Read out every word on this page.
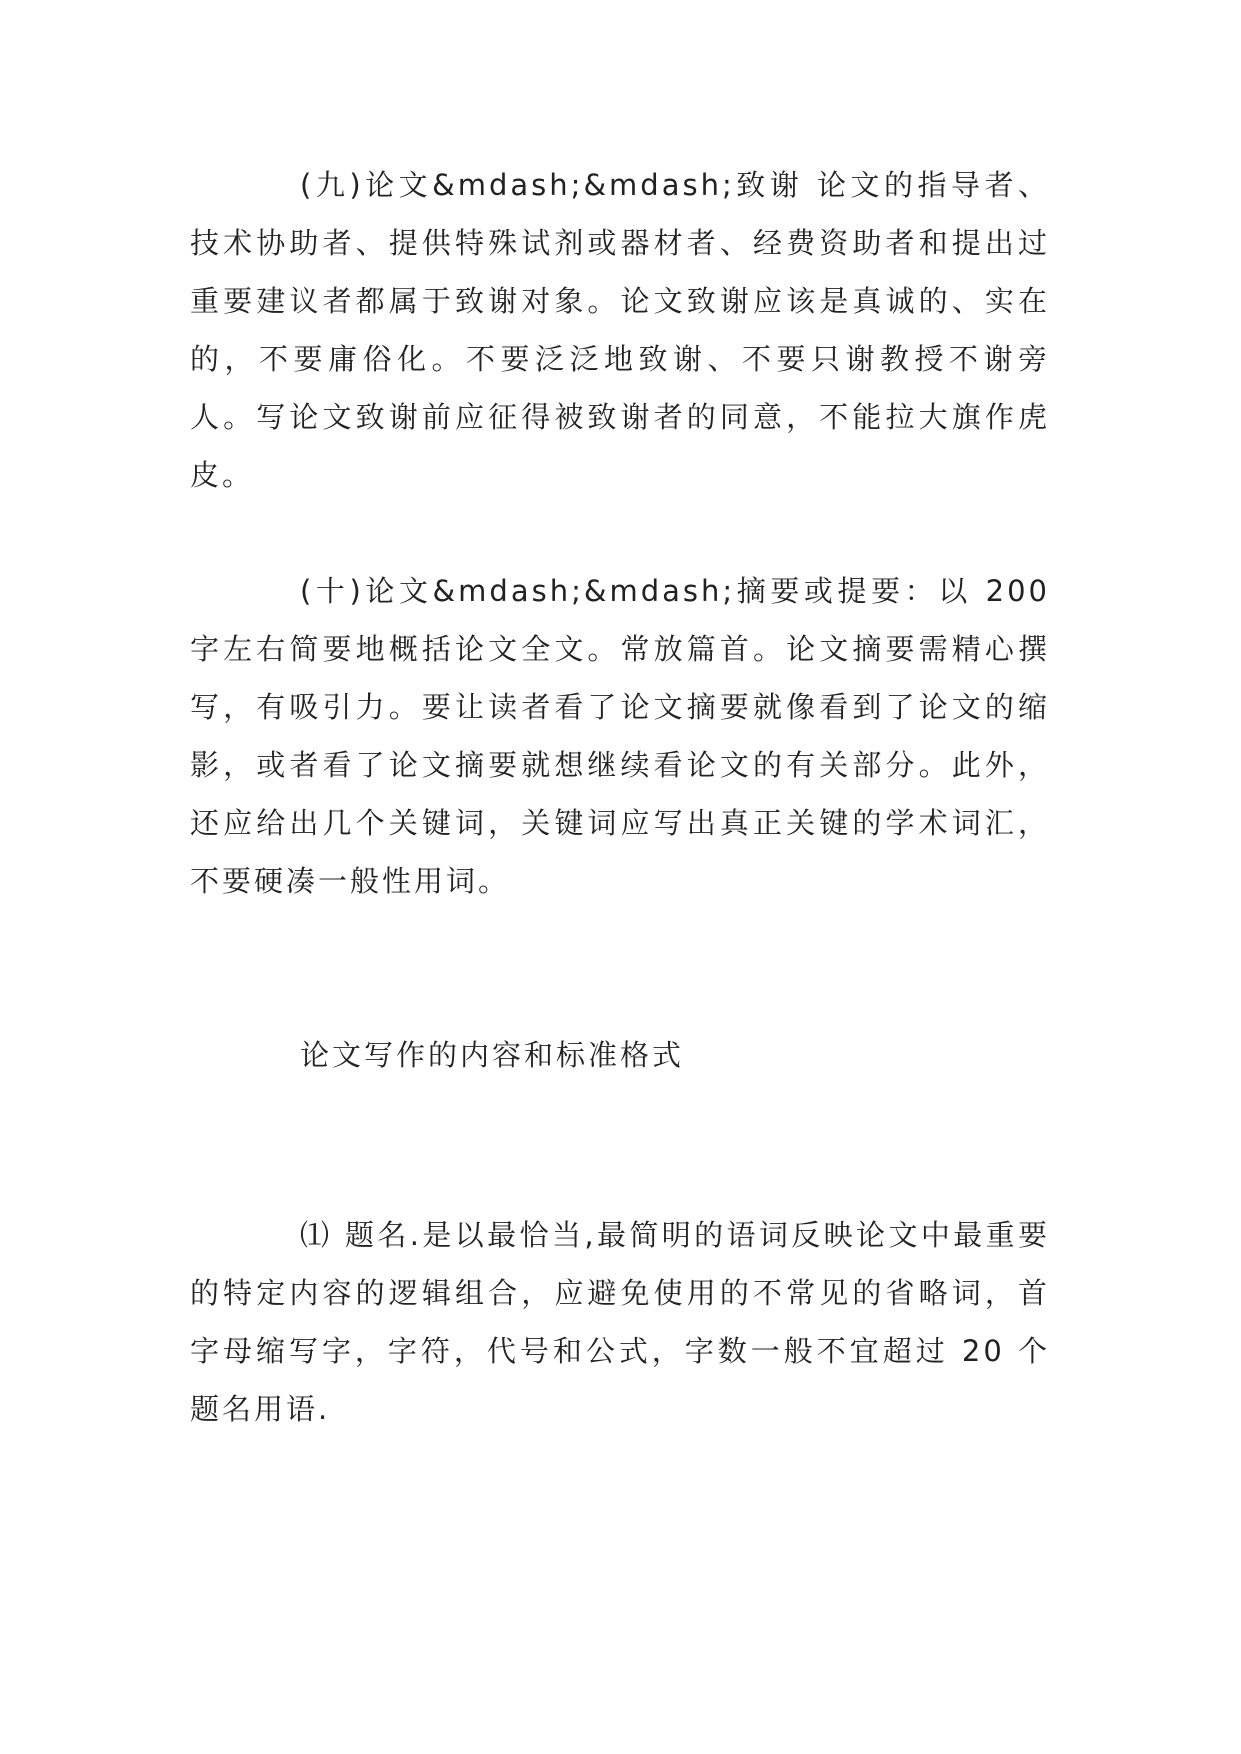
(九)论文&mdash;&mdash;致谢 论文的指导者、技术协助者、提供特殊试剂或器材者、经费资助者和提出过重要建议者都属于致谢对象。论文致谢应该是真诚的、实在的，不要庸俗化。不要泛泛地致谢、不要只谢教授不谢旁人。写论文致谢前应征得被致谢者的同意，不能拉大旗作虎皮。

(十)论文&mdash;&mdash;摘要或提要：以 200 字左右简要地概括论文全文。常放篇首。论文摘要需精心撰写，有吸引力。要让读者看了论文摘要就像看到了论文的缩影，或者看了论文摘要就想继续看论文的有关部分。此外，还应给出几个关键词，关键词应写出真正关键的学术词汇，不要硬凑一般性用词。

论文写作的内容和标准格式

⑴ 题名.是以最恰当,最简明的语词反映论文中最重要的特定内容的逻辑组合，应避免使用的不常见的省略词，首字母缩写字，字符，代号和公式，字数一般不宜超过 20 个题名用语.
